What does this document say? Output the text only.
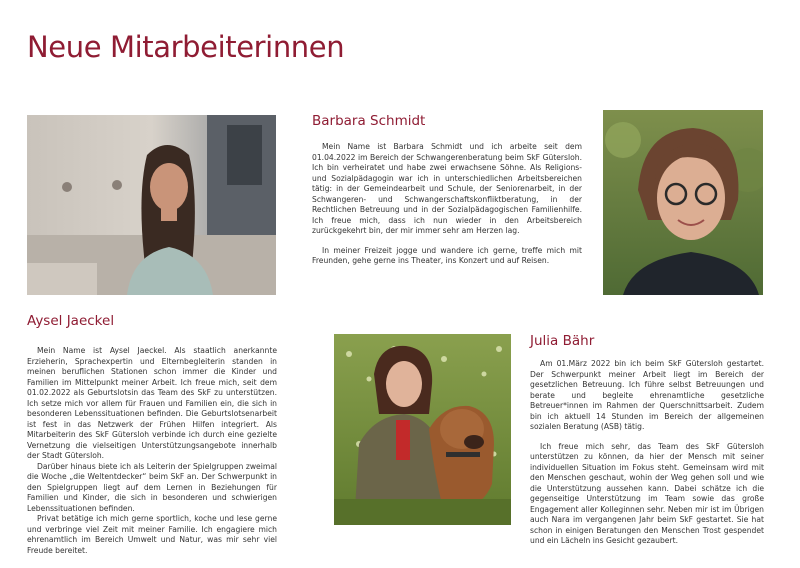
Neue Mitarbeiterinnen
Barbara Schmidt

Mein Name ist Barbara Schmidt und ich arbeite seit dem 01.04.2022 im Bereich der Schwangerenberatung beim SkF Gütersloh. Ich bin verheiratet und habe zwei erwachsene Söhne. Als Religions- und Sozialpädagogin war ich in unterschiedlichen Arbeitsbereichen tätig: in der Gemeindearbeit und Schule, der Seniorenarbeit, in der Schwangeren- und Schwangerschaftskonfliktberatung, in der Rechtlichen Betreuung und in der Sozialpädagogischen Familienhilfe. Ich freue mich, dass ich nun wieder in den Arbeitsbereich zurückgekehrt bin, der mir immer sehr am Herzen lag.

In meiner Freizeit jogge und wandere ich gerne, treffe mich mit Freunden, gehe gerne ins Theater, ins Konzert und auf Reisen.

Aysel Jaeckel

Mein Name ist Aysel Jaeckel. Als staatlich anerkannte Erzieherin, Sprachexpertin und Elternbegleiterin standen in meinen beruflichen Stationen schon immer die Kinder und Familien im Mittelpunkt meiner Arbeit. Ich freue mich, seit dem 01.02.2022 als Geburtslotsin das Team des SkF zu unterstützen. Ich setze mich vor allem für Frauen und Familien ein, die sich in besonderen Lebenssituationen befinden. Die Geburtslotsenarbeit ist fest in das Netzwerk der Frühen Hilfen integriert. Als Mitarbeiterin des SkF Gütersloh verbinde ich durch eine gezielte Vernetzung die vielseitigen Unterstützungsangebote innerhalb der Stadt Gütersloh.

Darüber hinaus biete ich als Leiterin der Spielgruppen zweimal die Woche „die Weltentdecker“ beim SkF an. Der Schwerpunkt in den Spielgruppen liegt auf dem Lernen in Beziehungen für Familien und Kinder, die sich in besonderen und schwierigen Lebenssituationen befinden.

Privat betätige ich mich gerne sportlich, koche und lese gerne und verbringe viel Zeit mit meiner Familie. Ich engagiere mich ehrenamtlich im Bereich Umwelt und Natur, was mir sehr viel Freude bereitet.

Julia Bähr

Am 01.März 2022 bin ich beim SkF Gütersloh gestartet. Der Schwerpunkt meiner Arbeit liegt im Bereich der gesetzlichen Betreuung. Ich führe selbst Betreuungen und berate und begleite ehrenamtliche gesetzliche Betreuer*innen im Rahmen der Querschnittsarbeit. Zudem bin ich aktuell 14 Stunden im Bereich der allgemeinen sozialen Beratung (ASB) tätig.

Ich freue mich sehr, das Team des SkF Gütersloh unterstützen zu können, da hier der Mensch mit seiner individuellen Situation im Fokus steht. Gemeinsam wird mit den Menschen geschaut, wohin der Weg gehen soll und wie die Unterstützung aussehen kann. Dabei schätze ich die gegenseitige Unterstützung im Team sowie das große Engagement aller Kolleginnen sehr. Neben mir ist im Übrigen auch Nara im vergangenen Jahr beim SkF gestartet. Sie hat schon in einigen Beratungen den Menschen Trost gespendet und ein Lächeln ins Gesicht gezaubert.
